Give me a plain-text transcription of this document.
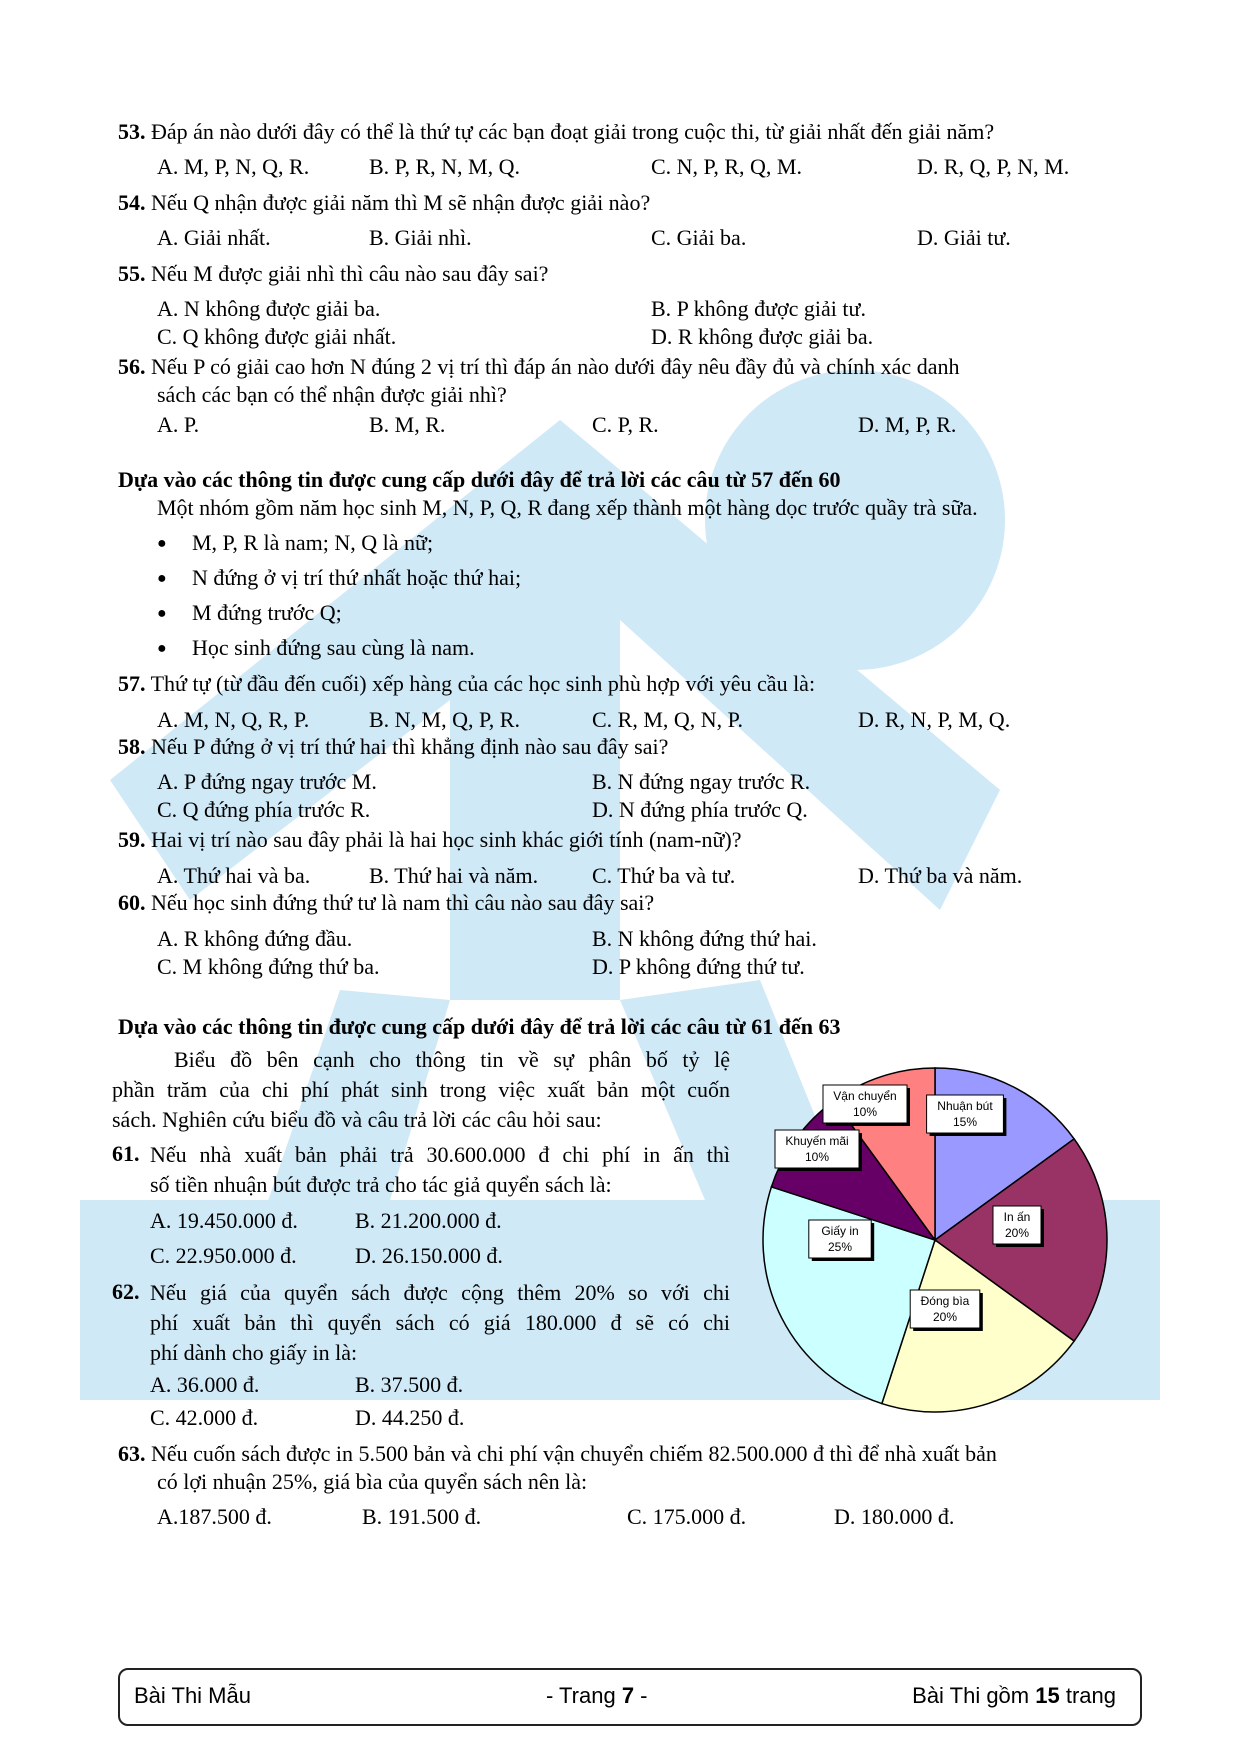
53. Đáp án nào dưới đây có thể là thứ tự các bạn đoạt giải trong cuộc thi, từ giải nhất đến giải năm?
A. M, P, N, Q, R.	B. P, R, N, M, Q.	C. N, P, R, Q, M.	D. R, Q, P, N, M.
54. Nếu Q nhận được giải năm thì M sẽ nhận được giải nào?
A. Giải nhất.	B. Giải nhì.	C. Giải ba.	D. Giải tư.
55. Nếu M được giải nhì thì câu nào sau đây sai?
A. N không được giải ba.	B. P không được giải tư.
C. Q không được giải nhất.	D. R không được giải ba.
56. Nếu P có giải cao hơn N đúng 2 vị trí thì đáp án nào dưới đây nêu đầy đủ và chính xác danh
sách các bạn có thể nhận được giải nhì?
A. P.	B. M, R.	C. P, R.	D. M, P, R.
Dựa vào các thông tin được cung cấp dưới đây để trả lời các câu từ 57 đến 60
Một nhóm gồm năm học sinh M, N, P, Q, R đang xếp thành một hàng dọc trước quầy trà sữa.
● M, P, R là nam; N, Q là nữ;
● N đứng ở vị trí thứ nhất hoặc thứ hai;
● M đứng trước Q;
● Học sinh đứng sau cùng là nam.
57. Thứ tự (từ đầu đến cuối) xếp hàng của các học sinh phù hợp với yêu cầu là:
A. M, N, Q, R, P.	B. N, M, Q, P, R.	C. R, M, Q, N, P.	D. R, N, P, M, Q.
58. Nếu P đứng ở vị trí thứ hai thì khẳng định nào sau đây sai?
A. P đứng ngay trước M.	B. N đứng ngay trước R.
C. Q đứng phía trước R.	D. N đứng phía trước Q.
59. Hai vị trí nào sau đây phải là hai học sinh khác giới tính (nam-nữ)?
A. Thứ hai và ba.	B. Thứ hai và năm. C. Thứ ba và tư.	D. Thứ ba và năm.
60. Nếu học sinh đứng thứ tư là nam thì câu nào sau đây sai?
A. R không đứng đầu.	B. N không đứng thứ hai.
C. M không đứng thứ ba.	D. P không đứng thứ tư.
Dựa vào các thông tin được cung cấp dưới đây để trả lời các câu từ 61 đến 63
Biểu đồ bên cạnh cho thông tin về sự phân bố tỷ lệ
phần trăm của chi phí phát sinh trong việc xuất bản một cuốn
sách. Nghiên cứu biểu đồ và câu trả lời các câu hỏi sau:
61. Nếu nhà xuất bản phải trả 30.600.000 đ chi phí in ấn thì
số tiền nhuận bút được trả cho tác giả quyển sách là:
A. 19.450.000 đ.	B. 21.200.000 đ.
C. 22.950.000 đ.	D. 26.150.000 đ.
62. Nếu giá của quyển sách được cộng thêm 20% so với chi
phí xuất bản thì quyển sách có giá 180.000 đ sẽ có chi
phí dành cho giấy in là:
A. 36.000 đ.	B. 37.500 đ.
C. 42.000 đ.	D. 44.250 đ.
63. Nếu cuốn sách được in 5.500 bản và chi phí vận chuyển chiếm 82.500.000 đ thì để nhà xuất bản
có lợi nhuận 25%, giá bìa của quyển sách nên là:
A.187.500 đ.	B. 191.500 đ.	C. 175.000 đ.	D. 180.000 đ.
Nhuận bút
15%
In ấn
20%
Đóng bìa
20%
Giấy in
25%
Khuyến mãi
10%
Vận chuyển
10%
Bài Thi Mẫu	- Trang 7 -	Bài Thi gồm 15 trang
